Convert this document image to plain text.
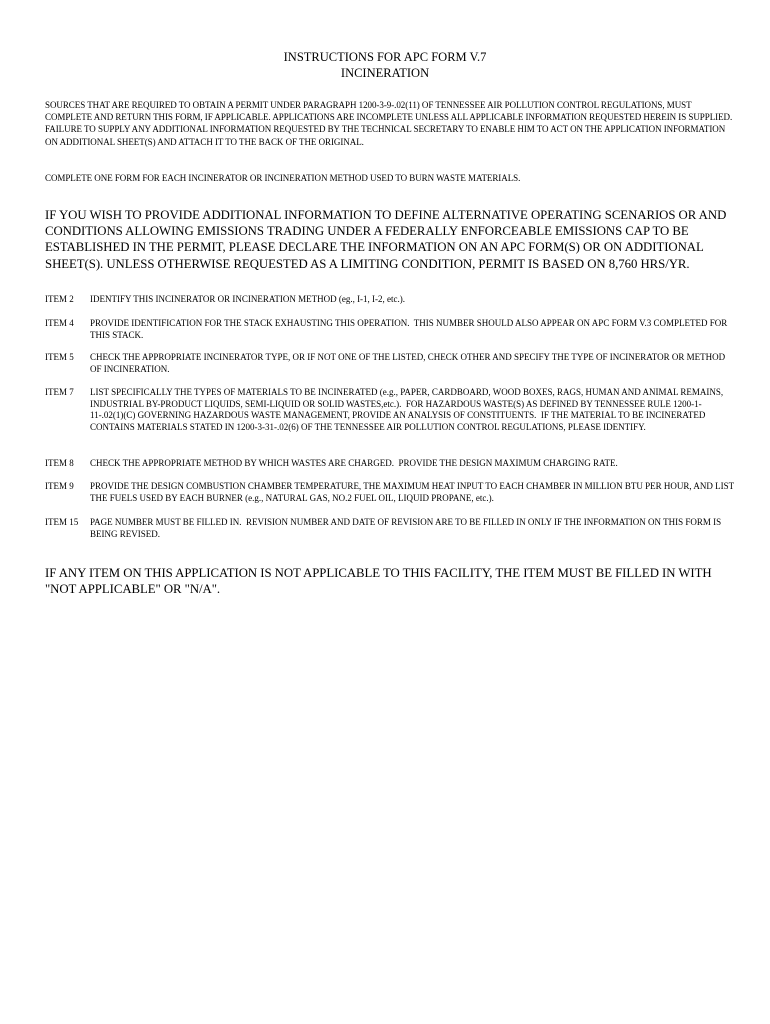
INSTRUCTIONS FOR APC FORM V.7
INCINERATION
SOURCES THAT ARE REQUIRED TO OBTAIN A PERMIT UNDER PARAGRAPH 1200-3-9-.02(11) OF TENNESSEE AIR POLLUTION CONTROL REGULATIONS, MUST COMPLETE AND RETURN THIS FORM, IF APPLICABLE. APPLICATIONS ARE INCOMPLETE UNLESS ALL APPLICABLE INFORMATION REQUESTED HEREIN IS SUPPLIED. FAILURE TO SUPPLY ANY ADDITIONAL INFORMATION REQUESTED BY THE TECHNICAL SECRETARY TO ENABLE HIM TO ACT ON THE APPLICATION INFORMATION ON ADDITIONAL SHEET(S) AND ATTACH IT TO THE BACK OF THE ORIGINAL.
COMPLETE ONE FORM FOR EACH INCINERATOR OR INCINERATION METHOD USED TO BURN WASTE MATERIALS.
IF YOU WISH TO PROVIDE ADDITIONAL INFORMATION TO DEFINE ALTERNATIVE OPERATING SCENARIOS OR AND CONDITIONS ALLOWING EMISSIONS TRADING UNDER A FEDERALLY ENFORCEABLE EMISSIONS CAP TO BE ESTABLISHED IN THE PERMIT, PLEASE DECLARE THE INFORMATION ON AN APC FORM(S) OR ON ADDITIONAL SHEET(S). UNLESS OTHERWISE REQUESTED AS A LIMITING CONDITION, PERMIT IS BASED ON 8,760 HRS/YR.
ITEM 2 IDENTIFY THIS INCINERATOR OR INCINERATION METHOD (eg., I-1, I-2, etc.).
ITEM 4 PROVIDE IDENTIFICATION FOR THE STACK EXHAUSTING THIS OPERATION.  THIS NUMBER SHOULD ALSO APPEAR ON APC FORM V.3 COMPLETED FOR THIS STACK.
ITEM 5 CHECK THE APPROPRIATE INCINERATOR TYPE, OR IF NOT ONE OF THE LISTED, CHECK OTHER AND SPECIFY THE TYPE OF INCINERATOR OR METHOD OF INCINERATION.
ITEM 7 LIST SPECIFICALLY THE TYPES OF MATERIALS TO BE INCINERATED (e.g., PAPER, CARDBOARD, WOOD BOXES, RAGS, HUMAN AND ANIMAL REMAINS, INDUSTRIAL BY-PRODUCT LIQUIDS, SEMI-LIQUID OR SOLID WASTES,etc.).  FOR HAZARDOUS WASTE(S) AS DEFINED BY TENNESSEE RULE 1200-1-11-.02(1)(C) GOVERNING HAZARDOUS WASTE MANAGEMENT, PROVIDE AN ANALYSIS OF CONSTITUENTS.  IF THE MATERIAL TO BE INCINERATED CONTAINS MATERIALS STATED IN 1200-3-31-.02(6) OF THE TENNESSEE AIR POLLUTION CONTROL REGULATIONS, PLEASE IDENTIFY.
ITEM 8 CHECK THE APPROPRIATE METHOD BY WHICH WASTES ARE CHARGED.  PROVIDE THE DESIGN MAXIMUM CHARGING RATE.
ITEM 9 PROVIDE THE DESIGN COMBUSTION CHAMBER TEMPERATURE, THE MAXIMUM HEAT INPUT TO EACH CHAMBER IN MILLION BTU PER HOUR, AND LIST THE FUELS USED BY EACH BURNER (e.g., NATURAL GAS, NO.2 FUEL OIL, LIQUID PROPANE, etc.).
ITEM 15 PAGE NUMBER MUST BE FILLED IN.  REVISION NUMBER AND DATE OF REVISION ARE TO BE FILLED IN ONLY IF THE INFORMATION ON THIS FORM IS BEING REVISED.
IF ANY ITEM ON THIS APPLICATION IS NOT APPLICABLE TO THIS FACILITY, THE ITEM MUST BE FILLED IN WITH "NOT APPLICABLE" OR "N/A".
